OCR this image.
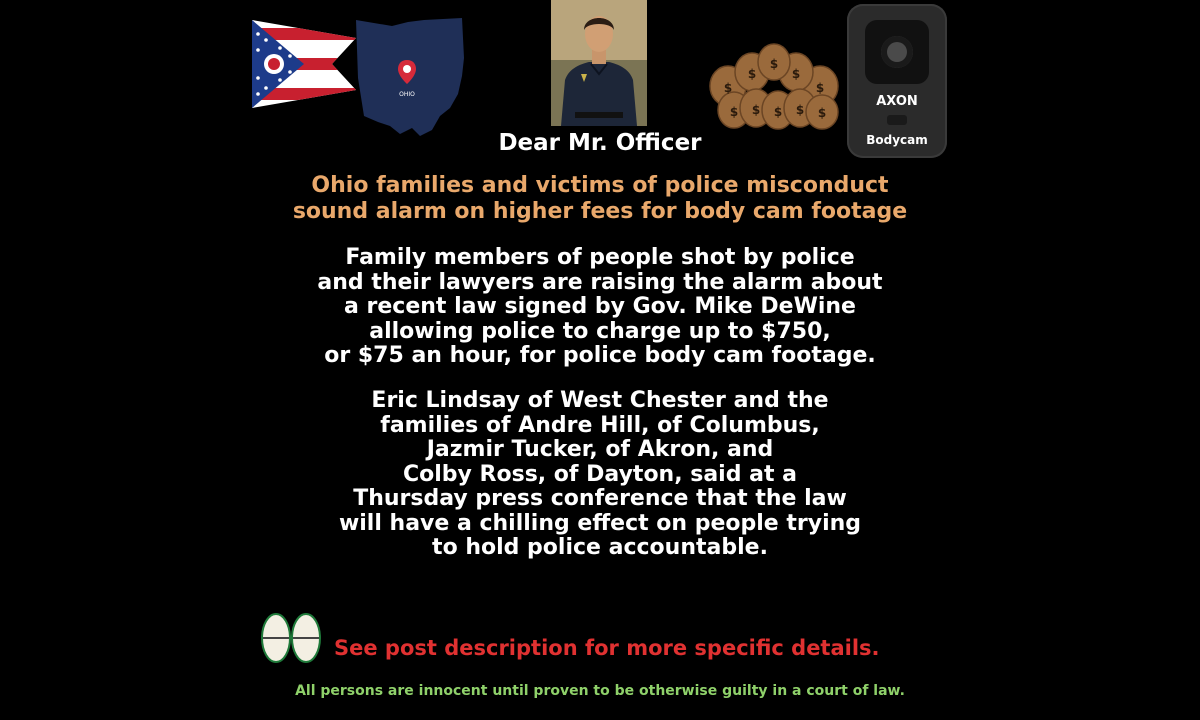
OHIO
$ $ $ $ $
$	$
$
$	$
AXON
Bodycam

Dear Mr. Officer

Ohio families and victims of police misconduct
sound alarm on higher fees for body cam footage

Family members of people shot by police
and their lawyers are raising the alarm about
a recent law signed by Gov. Mike DeWine
allowing police to charge up to $750,
or $75 an hour, for police body cam footage.

Eric Lindsay of West Chester and the
families of Andre Hill, of Columbus,
Jazmir Tucker, of Akron, and
Colby Ross, of Dayton, said at a
Thursday press conference that the law
will have a chilling effect on people trying
to hold police accountable.

See post description for more specific details.

All persons are innocent until proven to be otherwise guilty in a court of law.
